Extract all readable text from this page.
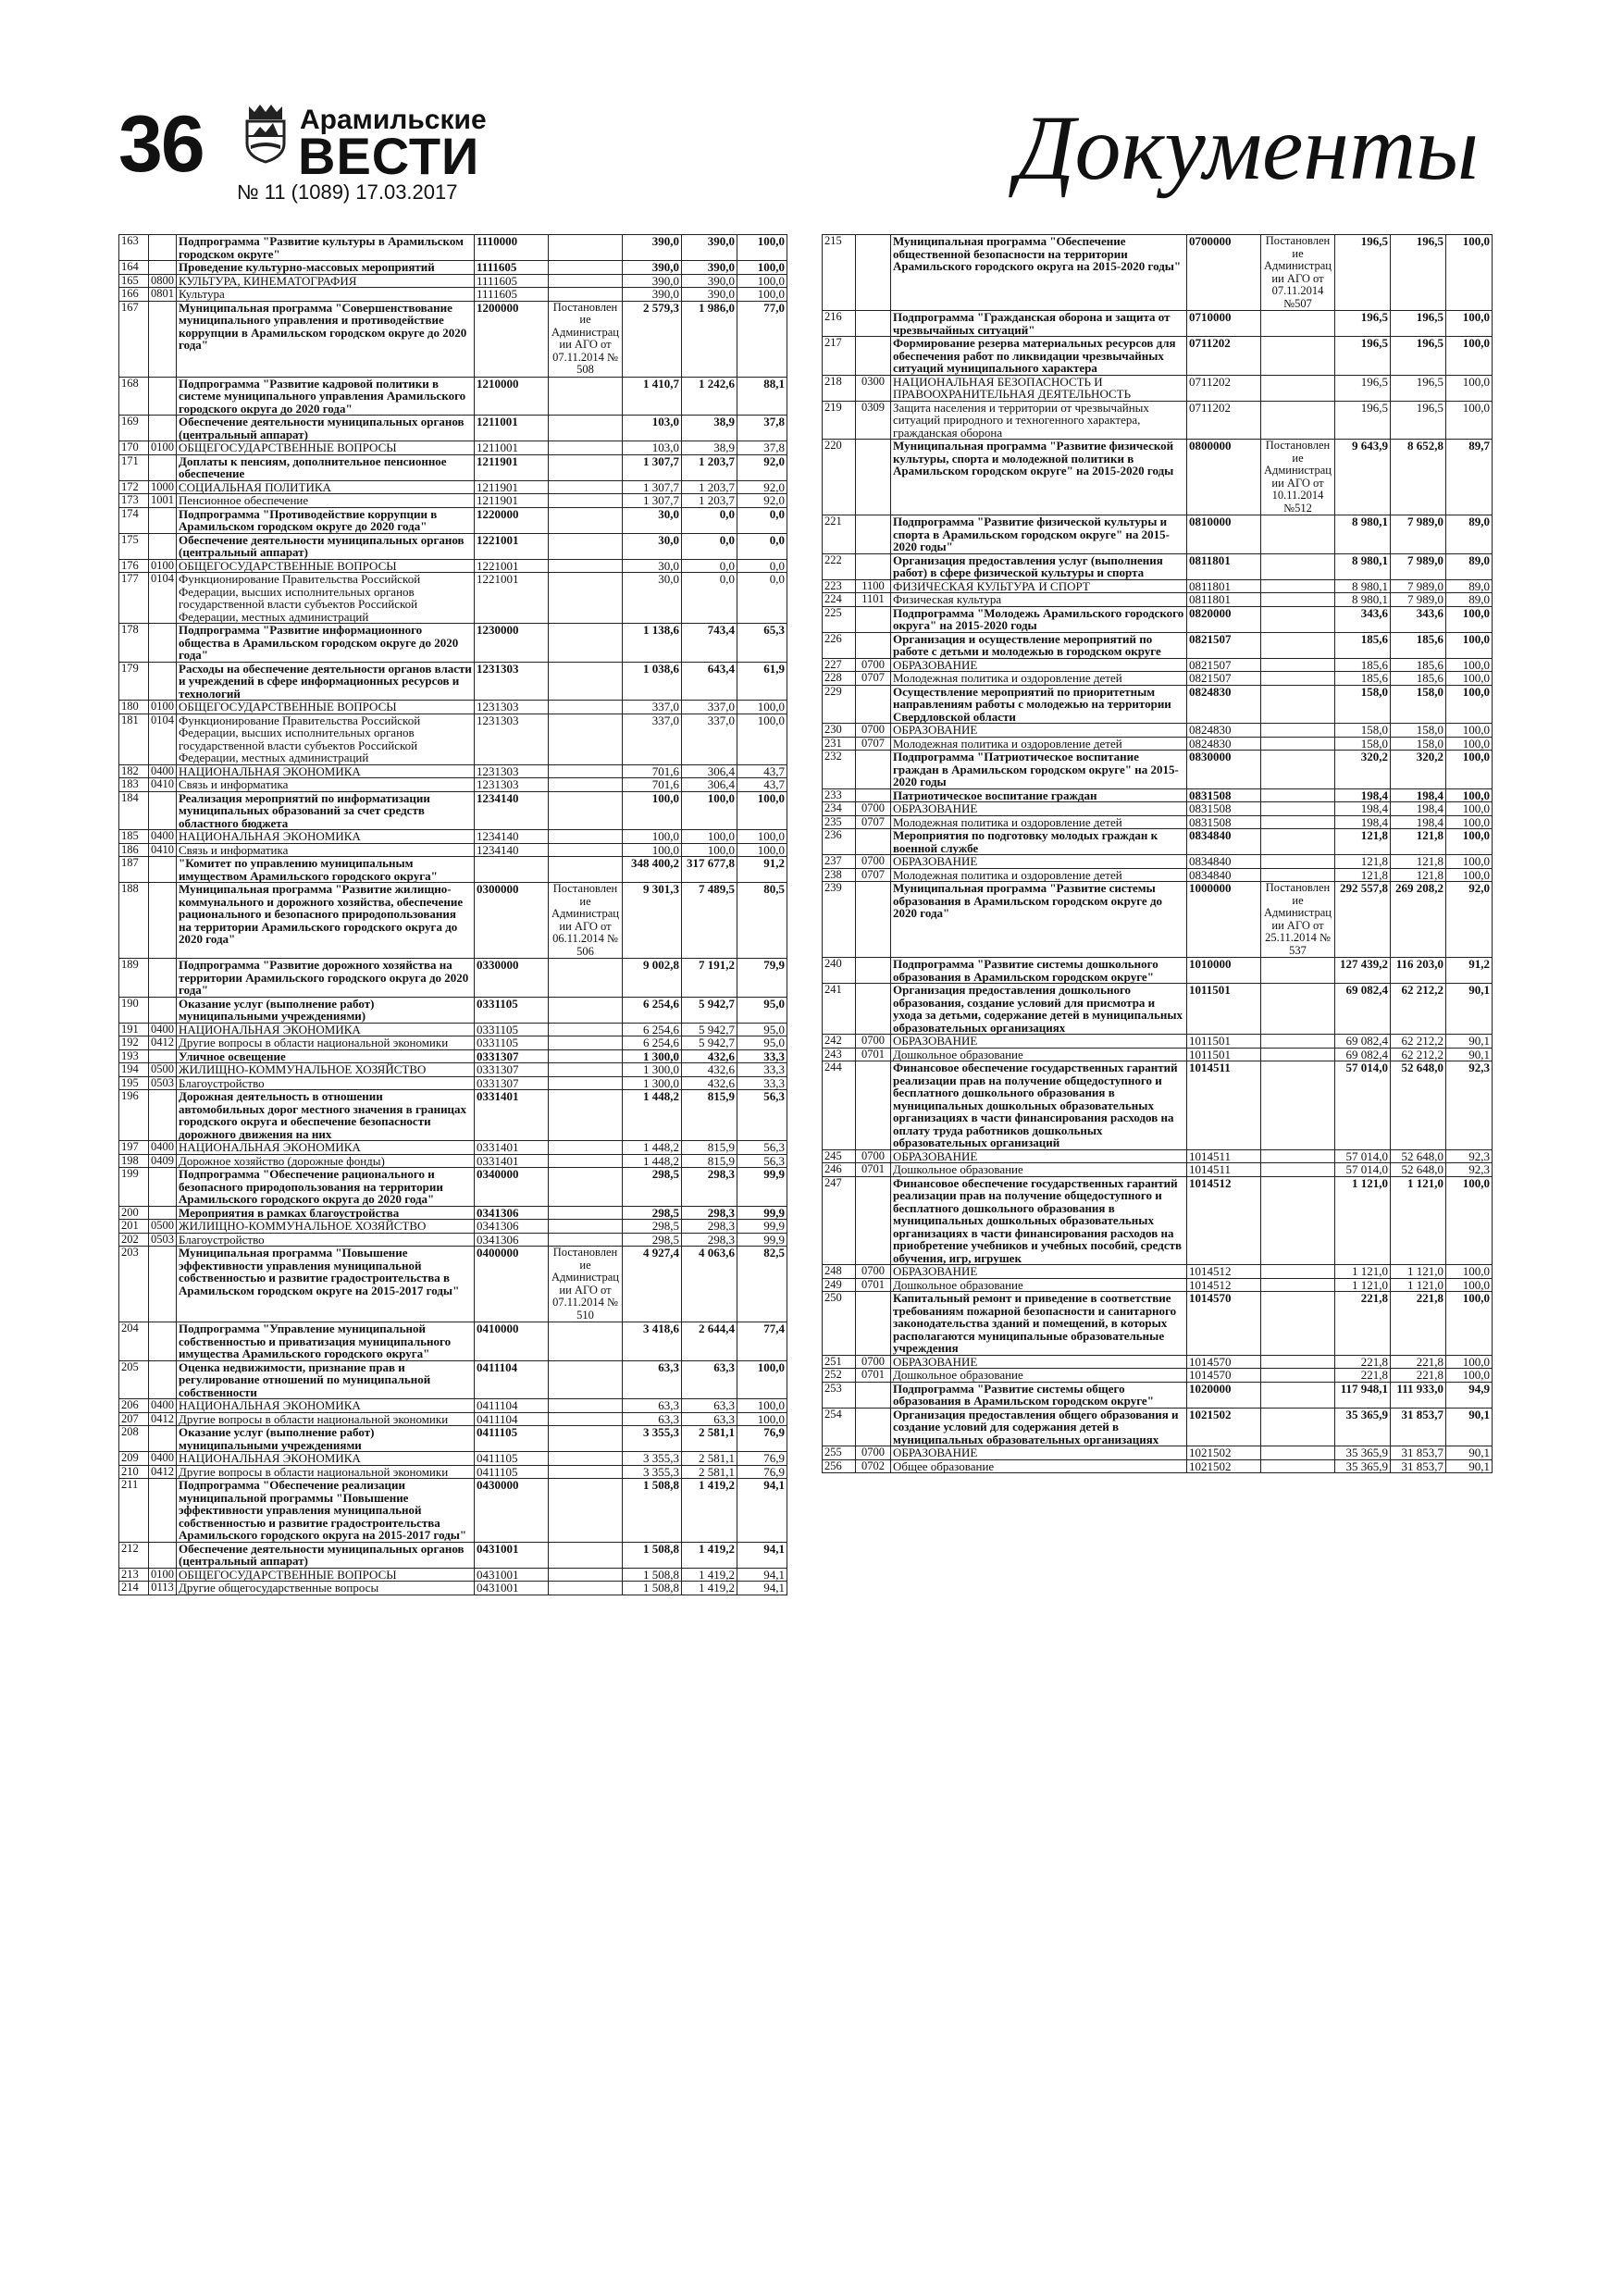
36	Арамильские
ВЕСТИ
№ 11 (1089) 17.03.2017	Документы
163		Подпрограмма "Развитие культуры в Арамильском городском округе"	1110000		390,0	390,0	100,0
164		Проведение культурно-массовых мероприятий	1111605		390,0	390,0	100,0
165	0800	КУЛЬТУРА, КИНЕМАТОГРАФИЯ	1111605		390,0	390,0	100,0
166	0801	Культура	1111605		390,0	390,0	100,0
167		Муниципальная программа "Совершенствование муниципального управления и противодействие коррупции в Арамильском городском округе до 2020 года"	1200000	Постановление Администрации АГО от 07.11.2014 № 508	2 579,3	1 986,0	77,0
168		Подпрограмма "Развитие кадровой политики в системе муниципального управления Арамильского городского округа до 2020 года"	1210000		1 410,7	1 242,6	88,1
169		Обеспечение деятельности муниципальных органов (центральный аппарат)	1211001		103,0	38,9	37,8
170	0100	ОБЩЕГОСУДАРСТВЕННЫЕ ВОПРОСЫ	1211001		103,0	38,9	37,8
171		Доплаты к пенсиям, дополнительное пенсионное обеспечение	1211901		1 307,7	1 203,7	92,0
172	1000	СОЦИАЛЬНАЯ ПОЛИТИКА	1211901		1 307,7	1 203,7	92,0
173	1001	Пенсионное обеспечение	1211901		1 307,7	1 203,7	92,0
174		Подпрограмма "Противодействие коррупции в Арамильском городском округе до 2020 года"	1220000		30,0	0,0	0,0
175		Обеспечение деятельности муниципальных органов (центральный аппарат)	1221001		30,0	0,0	0,0
176	0100	ОБЩЕГОСУДАРСТВЕННЫЕ ВОПРОСЫ	1221001		30,0	0,0	0,0
177	0104	Функционирование Правительства Российской Федерации, высших исполнительных органов государственной власти субъектов Российской Федерации, местных администраций	1221001		30,0	0,0	0,0
178		Подпрограмма "Развитие информационного общества в Арамильском городском округе до 2020 года"	1230000		1 138,6	743,4	65,3
179		Расходы на обеспечение деятельности органов власти и учреждений в сфере информационных ресурсов и технологий	1231303		1 038,6	643,4	61,9
180	0100	ОБЩЕГОСУДАРСТВЕННЫЕ ВОПРОСЫ	1231303		337,0	337,0	100,0
181	0104	Функционирование Правительства Российской Федерации, высших исполнительных органов государственной власти субъектов Российской Федерации, местных администраций	1231303		337,0	337,0	100,0
182	0400	НАЦИОНАЛЬНАЯ ЭКОНОМИКА	1231303		701,6	306,4	43,7
183	0410	Связь и информатика	1231303		701,6	306,4	43,7
184		Реализация мероприятий по информатизации муниципальных образований за счет средств областного бюджета	1234140		100,0	100,0	100,0
185	0400	НАЦИОНАЛЬНАЯ ЭКОНОМИКА	1234140		100,0	100,0	100,0
186	0410	Связь и информатика	1234140		100,0	100,0	100,0
187		"Комитет по управлению муниципальным имуществом Арамильского городского округа"			348 400,2	317 677,8	91,2
188		Муниципальная программа "Развитие жилищно-коммунального и дорожного хозяйства, обеспечение рационального и безопасного природопользования на территории Арамильского городского округа до 2020 года"	0300000	Постановление Администрации АГО от 06.11.2014 № 506	9 301,3	7 489,5	80,5
189		Подпрограмма "Развитие дорожного хозяйства на территории Арамильского городского округа до 2020 года"	0330000		9 002,8	7 191,2	79,9
190		Оказание услуг (выполнение работ) муниципальными учреждениями)	0331105		6 254,6	5 942,7	95,0
191	0400	НАЦИОНАЛЬНАЯ ЭКОНОМИКА	0331105		6 254,6	5 942,7	95,0
192	0412	Другие вопросы в области национальной экономики	0331105		6 254,6	5 942,7	95,0
193		Уличное освещение	0331307		1 300,0	432,6	33,3
194	0500	ЖИЛИЩНО-КОММУНАЛЬНОЕ ХОЗЯЙСТВО	0331307		1 300,0	432,6	33,3
195	0503	Благоустройство	0331307		1 300,0	432,6	33,3
196		Дорожная деятельность в отношении автомобильных дорог местного значения в границах городского округа и обеспечение безопасности дорожного движения на них	0331401		1 448,2	815,9	56,3
197	0400	НАЦИОНАЛЬНАЯ ЭКОНОМИКА	0331401		1 448,2	815,9	56,3
198	0409	Дорожное хозяйство (дорожные фонды)	0331401		1 448,2	815,9	56,3
199		Подпрограмма "Обеспечение рационального и безопасного природопользования на территории Арамильского городского округа до 2020 года"	0340000		298,5	298,3	99,9
200		Мероприятия в рамках благоустройства	0341306		298,5	298,3	99,9
201	0500	ЖИЛИЩНО-КОММУНАЛЬНОЕ ХОЗЯЙСТВО	0341306		298,5	298,3	99,9
202	0503	Благоустройство	0341306		298,5	298,3	99,9
203		Муниципальная программа "Повышение эффективности управления муниципальной собственностью и развитие градостроительства в Арамильском городском округе на 2015-2017 годы"	0400000	Постановление Администрации АГО от 07.11.2014 № 510	4 927,4	4 063,6	82,5
204		Подпрограмма "Управление муниципальной собственностью и приватизация муниципального имущества Арамильского городского округа"	0410000		3 418,6	2 644,4	77,4
205		Оценка недвижимости, признание прав и регулирование отношений по муниципальной собственности	0411104		63,3	63,3	100,0
206	0400	НАЦИОНАЛЬНАЯ ЭКОНОМИКА	0411104		63,3	63,3	100,0
207	0412	Другие вопросы в области национальной экономики	0411104		63,3	63,3	100,0
208		Оказание услуг (выполнение работ) муниципальными учреждениями	0411105		3 355,3	2 581,1	76,9
209	0400	НАЦИОНАЛЬНАЯ ЭКОНОМИКА	0411105		3 355,3	2 581,1	76,9
210	0412	Другие вопросы в области национальной экономики	0411105		3 355,3	2 581,1	76,9
211		Подпрограмма "Обеспечение реализации муниципальной программы "Повышение эффективности управления муниципальной собственностью и развитие градостроительства Арамильского городского округа на 2015-2017 годы"	0430000		1 508,8	1 419,2	94,1
212		Обеспечение деятельности муниципальных органов (центральный аппарат)	0431001		1 508,8	1 419,2	94,1
213	0100	ОБЩЕГОСУДАРСТВЕННЫЕ ВОПРОСЫ	0431001		1 508,8	1 419,2	94,1
214	0113	Другие общегосударственные вопросы	0431001		1 508,8	1 419,2	94,1
215		Муниципальная программа "Обеспечение общественной безопасности на территории Арамильского городского округа на 2015-2020 годы"	0700000	Постановление Администрации АГО от 07.11.2014 №507	196,5	196,5	100,0
216		Подпрограмма "Гражданская оборона и защита от чрезвычайных ситуаций"	0710000		196,5	196,5	100,0
217		Формирование резерва материальных ресурсов для обеспечения работ по ликвидации чрезвычайных ситуаций муниципального характера	0711202		196,5	196,5	100,0
218	0300	НАЦИОНАЛЬНАЯ БЕЗОПАСНОСТЬ И ПРАВООХРАНИТЕЛЬНАЯ ДЕЯТЕЛЬНОСТЬ	0711202		196,5	196,5	100,0
219	0309	Защита населения и территории от чрезвычайных ситуаций природного и техногенного характера, гражданская оборона	0711202		196,5	196,5	100,0
220		Муниципальная программа "Развитие физической культуры, спорта и молодежной политики в Арамильском городском округе" на 2015-2020 годы	0800000	Постановление Администрации АГО от 10.11.2014 №512	9 643,9	8 652,8	89,7
221		Подпрограмма "Развитие физической культуры и спорта в Арамильском городском округе" на 2015-2020 годы"	0810000		8 980,1	7 989,0	89,0
222		Организация предоставления услуг (выполнения работ) в сфере физической культуры и спорта	0811801		8 980,1	7 989,0	89,0
223	1100	ФИЗИЧЕСКАЯ КУЛЬТУРА И СПОРТ	0811801		8 980,1	7 989,0	89,0
224	1101	Физическая культура	0811801		8 980,1	7 989,0	89,0
225		Подпрограмма "Молодежь Арамильского городского округа" на 2015-2020 годы	0820000		343,6	343,6	100,0
226		Организация и осуществление мероприятий по работе с детьми и молодежью в городском округе	0821507		185,6	185,6	100,0
227	0700	ОБРАЗОВАНИЕ	0821507		185,6	185,6	100,0
228	0707	Молодежная политика и оздоровление детей	0821507		185,6	185,6	100,0
229		Осуществление мероприятий по приоритетным направлениям работы с молодежью на территории Свердловской области	0824830		158,0	158,0	100,0
230	0700	ОБРАЗОВАНИЕ	0824830		158,0	158,0	100,0
231	0707	Молодежная политика и оздоровление детей	0824830		158,0	158,0	100,0
232		Подпрограмма "Патриотическое воспитание граждан в Арамильском городском округе" на 2015-2020 годы	0830000		320,2	320,2	100,0
233		Патриотическое воспитание граждан	0831508		198,4	198,4	100,0
234	0700	ОБРАЗОВАНИЕ	0831508		198,4	198,4	100,0
235	0707	Молодежная политика и оздоровление детей	0831508		198,4	198,4	100,0
236		Мероприятия по подготовку молодых граждан к военной службе	0834840		121,8	121,8	100,0
237	0700	ОБРАЗОВАНИЕ	0834840		121,8	121,8	100,0
238	0707	Молодежная политика и оздоровление детей	0834840		121,8	121,8	100,0
239		Муниципальная программа "Развитие системы образования в Арамильском городском округе до 2020 года"	1000000	Постановление Администрации АГО от 25.11.2014 № 537	292 557,8	269 208,2	92,0
240		Подпрограмма "Развитие системы дошкольного образования в Арамильском городском округе"	1010000		127 439,2	116 203,0	91,2
241		Организация предоставления дошкольного образования, создание условий для присмотра и ухода за детьми, содержание детей в муниципальных образовательных организациях	1011501		69 082,4	62 212,2	90,1
242	0700	ОБРАЗОВАНИЕ	1011501		69 082,4	62 212,2	90,1
243	0701	Дошкольное образование	1011501		69 082,4	62 212,2	90,1
244		Финансовое обеспечение государственных гарантий реализации прав на получение общедоступного и бесплатного дошкольного образования в муниципальных дошкольных образовательных организациях в части финансирования расходов на оплату труда работников дошкольных образовательных организаций	1014511		57 014,0	52 648,0	92,3
245	0700	ОБРАЗОВАНИЕ	1014511		57 014,0	52 648,0	92,3
246	0701	Дошкольное образование	1014511		57 014,0	52 648,0	92,3
247		Финансовое обеспечение государственных гарантий реализации прав на получение общедоступного и бесплатного дошкольного образования в муниципальных дошкольных образовательных организациях в части финансирования расходов на приобретение учебников и учебных пособий, средств обучения, игр, игрушек	1014512		1 121,0	1 121,0	100,0
248	0700	ОБРАЗОВАНИЕ	1014512		1 121,0	1 121,0	100,0
249	0701	Дошкольное образование	1014512		1 121,0	1 121,0	100,0
250		Капитальный ремонт и приведение в соответствие требованиям пожарной безопасности и санитарного законодательства зданий и помещений, в которых располагаются муниципальные образовательные учреждения	1014570		221,8	221,8	100,0
251	0700	ОБРАЗОВАНИЕ	1014570		221,8	221,8	100,0
252	0701	Дошкольное образование	1014570		221,8	221,8	100,0
253		Подпрограмма "Развитие системы общего образования в Арамильском городском округе"	1020000		117 948,1	111 933,0	94,9
254		Организация предоставления общего образования и создание условий для содержания детей в муниципальных образовательных организациях	1021502		35 365,9	31 853,7	90,1
255	0700	ОБРАЗОВАНИЕ	1021502		35 365,9	31 853,7	90,1
256	0702	Общее образование	1021502		35 365,9	31 853,7	90,1
